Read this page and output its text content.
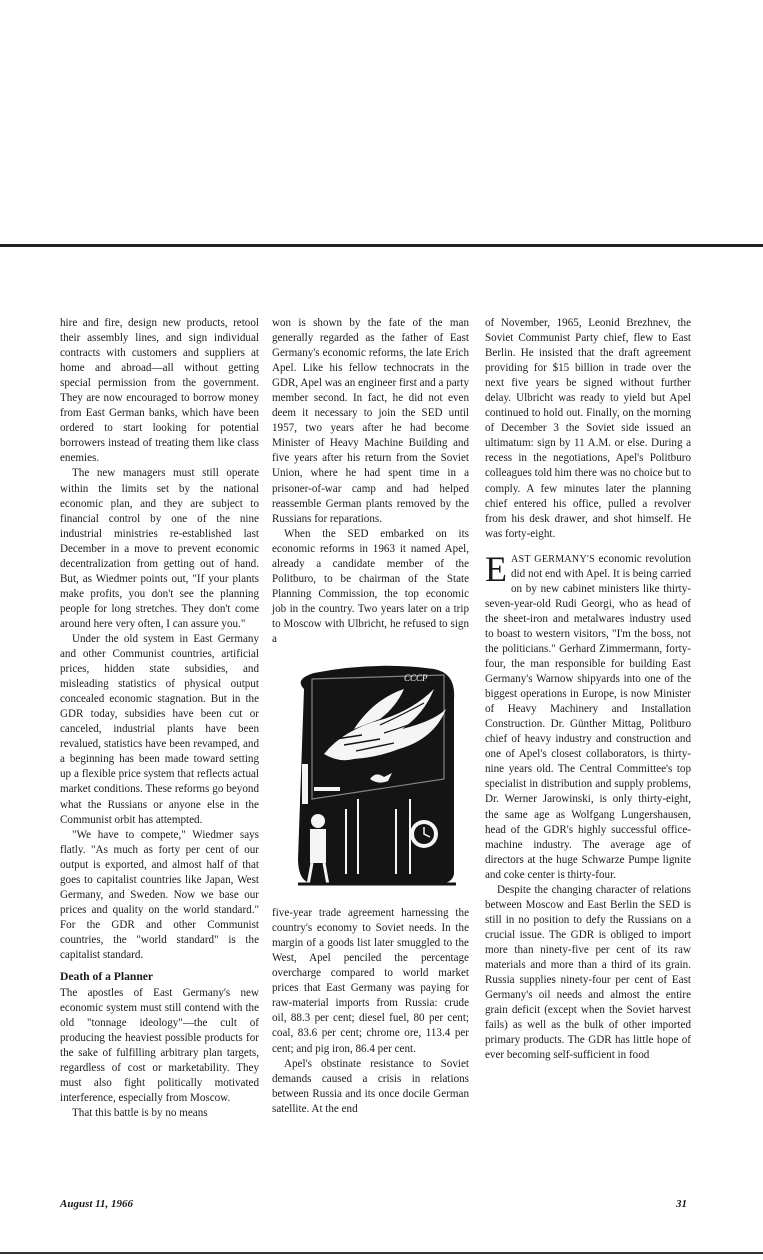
hire and fire, design new products, retool their assembly lines, and sign individual contracts with customers and suppliers at home and abroad—all without getting special permission from the government. They are now encouraged to borrow money from East German banks, which have been ordered to start looking for potential borrowers instead of treating them like class enemies.

The new managers must still operate within the limits set by the national economic plan, and they are subject to financial control by one of the nine industrial ministries re-established last December in a move to prevent economic decentralization from getting out of hand. But, as Wiedmer points out, "If your plants make profits, you don't see the planning people for long stretches. They don't come around here very often, I can assure you."

Under the old system in East Germany and other Communist countries, artificial prices, hidden state subsidies, and misleading statistics of physical output concealed economic stagnation. But in the GDR today, subsidies have been cut or canceled, industrial plants have been revalued, statistics have been revamped, and a beginning has been made toward setting up a flexible price system that reflects actual market conditions. These reforms go beyond what the Russians or anyone else in the Communist orbit has attempted.

"We have to compete," Wiedmer says flatly. "As much as forty per cent of our output is exported, and almost half of that goes to capitalist countries like Japan, West Germany, and Sweden. Now we base our prices and quality on the world standard." For the GDR and other Communist countries, the "world standard" is the capitalist standard.

Death of a Planner

The apostles of East Germany's new economic system must still contend with the old "tonnage ideology"—the cult of producing the heaviest possible products for the sake of fulfilling arbitrary plan targets, regardless of cost or marketability. They must also fight politically motivated interference, especially from Moscow.

That this battle is by no means

won is shown by the fate of the man generally regarded as the father of East Germany's economic reforms, the late Erich Apel. Like his fellow technocrats in the GDR, Apel was an engineer first and a party member second. In fact, he did not even deem it necessary to join the SED until 1957, two years after he had become Minister of Heavy Machine Building and five years after his return from the Soviet Union, where he had spent time in a prisoner-of-war camp and had helped reassemble German plants removed by the Russians for reparations.

When the SED embarked on its economic reforms in 1963 it named Apel, already a candidate member of the Politburo, to be chairman of the State Planning Commission, the top economic job in the country. Two years later on a trip to Moscow with Ulbricht, he refused to sign a

CCCP

five-year trade agreement harnessing the country's economy to Soviet needs. In the margin of a goods list later smuggled to the West, Apel penciled the percentage overcharge compared to world market prices that East Germany was paying for raw-material imports from Russia: crude oil, 88.3 per cent; diesel fuel, 80 per cent; coal, 83.6 per cent; chrome ore, 113.4 per cent; and pig iron, 86.4 per cent.

Apel's obstinate resistance to Soviet demands caused a crisis in relations between Russia and its once docile German satellite. At the end

of November, 1965, Leonid Brezhnev, the Soviet Communist Party chief, flew to East Berlin. He insisted that the draft agreement providing for $15 billion in trade over the next five years be signed without further delay. Ulbricht was ready to yield but Apel continued to hold out. Finally, on the morning of December 3 the Soviet side issued an ultimatum: sign by 11 A.M. or else. During a recess in the negotiations, Apel's Politburo colleagues told him there was no choice but to comply. A few minutes later the planning chief entered his office, pulled a revolver from his desk drawer, and shot himself. He was forty-eight.

EAST GERMANY'S economic revolution did not end with Apel. It is being carried on by new cabinet ministers like thirty-seven-year-old Rudi Georgi, who as head of the sheet-iron and metalwares industry used to boast to western visitors, "I'm the boss, not the politicians." Gerhard Zimmermann, forty-four, the man responsible for building East Germany's Warnow shipyards into one of the biggest operations in Europe, is now Minister of Heavy Machinery and Installation Construction. Dr. Günther Mittag, Politburo chief of heavy industry and construction and one of Apel's closest collaborators, is thirty-nine years old. The Central Committee's top specialist in distribution and supply problems, Dr. Werner Jarowinski, is only thirty-eight, the same age as Wolfgang Lungershausen, head of the GDR's highly successful office-machine industry. The average age of directors at the huge Schwarze Pumpe lignite and coke center is thirty-four.

Despite the changing character of relations between Moscow and East Berlin the SED is still in no position to defy the Russians on a crucial issue. The GDR is obliged to import more than ninety-five per cent of its raw materials and more than a third of its grain. Russia supplies ninety-four per cent of East Germany's oil needs and almost the entire grain deficit (except when the Soviet harvest fails) as well as the bulk of other imported primary products. The GDR has little hope of ever becoming self-sufficient in food

August 11, 1966	31
